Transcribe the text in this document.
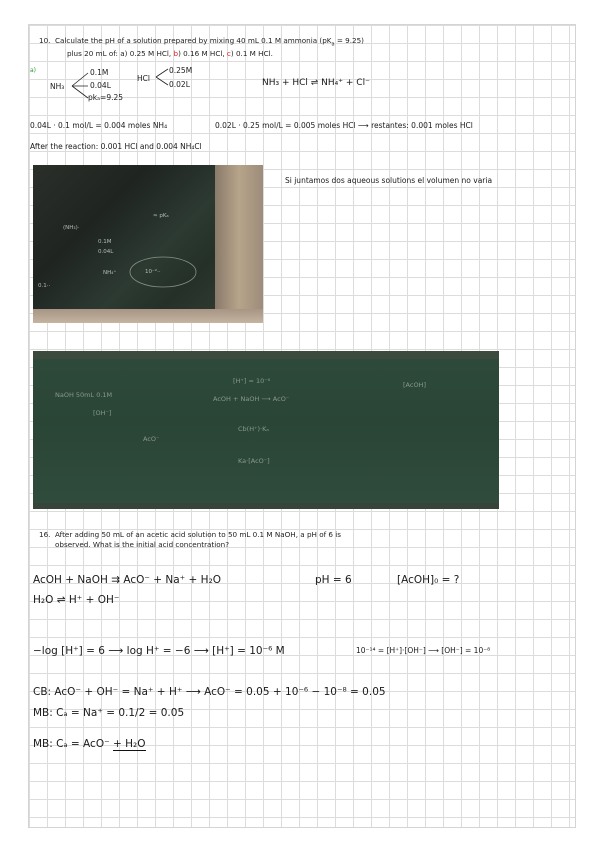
10. Calculate the pH of a solution prepared by mixing 40 mL 0.1 M ammonia $(pK_a = 9.25)$
plus 20 mL of: a) 0.25 M HCl, b) 0.16 M HCl, c) 0.1 M HCl.
a)
NH₃
0.1M
0.04L
pkₐ=9.25
HCl
0.25M
0.02L	NH₃ + HCl ⇌ NH₄⁺ + Cl⁻
0.04L · 0.1 mol/L = 0.004 moles NH₄	0.02L · 0.25 mol/L = 0.005 moles HCl ⟶ restantes: 0.001 moles HCl
After the reaction: 0.001 HCl and 0.004 NH₄Cl
(NH₃)·
0.1M
0.04L
NH₄⁺
0.1··
≈ pKₐ
10⁻²··
Si juntamos dos aqueous solutions el volumen no varia
[H⁺] = 10⁻⁶
AcOH + NaOH ⟶ AcO⁻
NaOH 50mL 0.1M
[OH⁻]
AcO⁻
Cb(H⁺)·Kₐ
Ka·[AcO⁻]
[AcOH]
16. After adding 50 mL of an acetic acid solution to 50 mL 0.1 M NaOH, a pH of 6 is
observed. What is the initial acid concentration?
AcOH + NaOH ⇉ AcO⁻ + Na⁺ + H₂O	pH = 6	[AcOH]₀ = ?
H₂O ⇌ H⁺ + OH⁻
−log [H⁺] = 6 ⟶ log H⁺ = −6 ⟶ [H⁺] = 10⁻⁶ M	10⁻¹⁴ = [H⁺]·[OH⁻] ⟶ [OH⁻] = 10⁻⁸
CB: AcO⁻ + OH⁻ = Na⁺ + H⁺ ⟶ AcO⁻ = 0.05 + 10⁻⁶ − 10⁻⁸ = 0.05
MB: Cₐ = Na⁺ = 0.1/2 = 0.05
MB: Cₐ = AcO⁻ + H₂O
